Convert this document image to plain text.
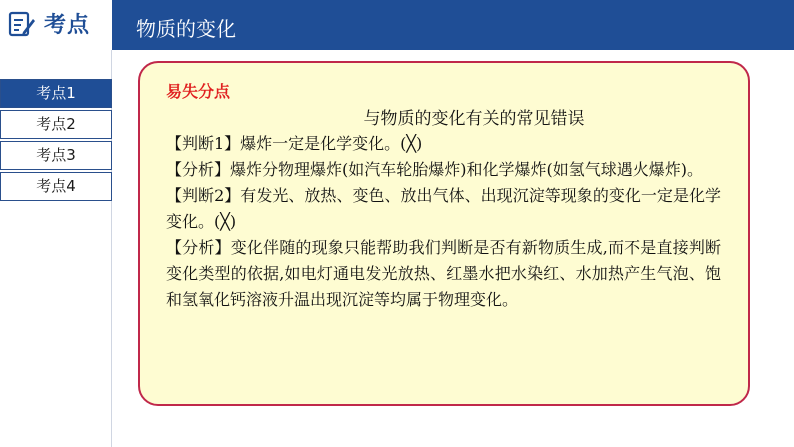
考点 物质的变化
考点1
考点2
考点3
考点4
易失分点
与物质的变化有关的常见错误

【判断1】爆炸一定是化学变化。(╳)

【分析】爆炸分物理爆炸(如汽车轮胎爆炸)和化学爆炸(如氢气球遇火爆炸)。

【判断2】有发光、放热、变色、放出气体、出现沉淀等现象的变化一定是化学变化。(╳)

【分析】变化伴随的现象只能帮助我们判断是否有新物质生成,而不是直接判断变化类型的依据,如电灯通电发光放热、红墨水把水染红、水加热产生气泡、饱和氢氧化钙溶液升温出现沉淀等均属于物理变化。
